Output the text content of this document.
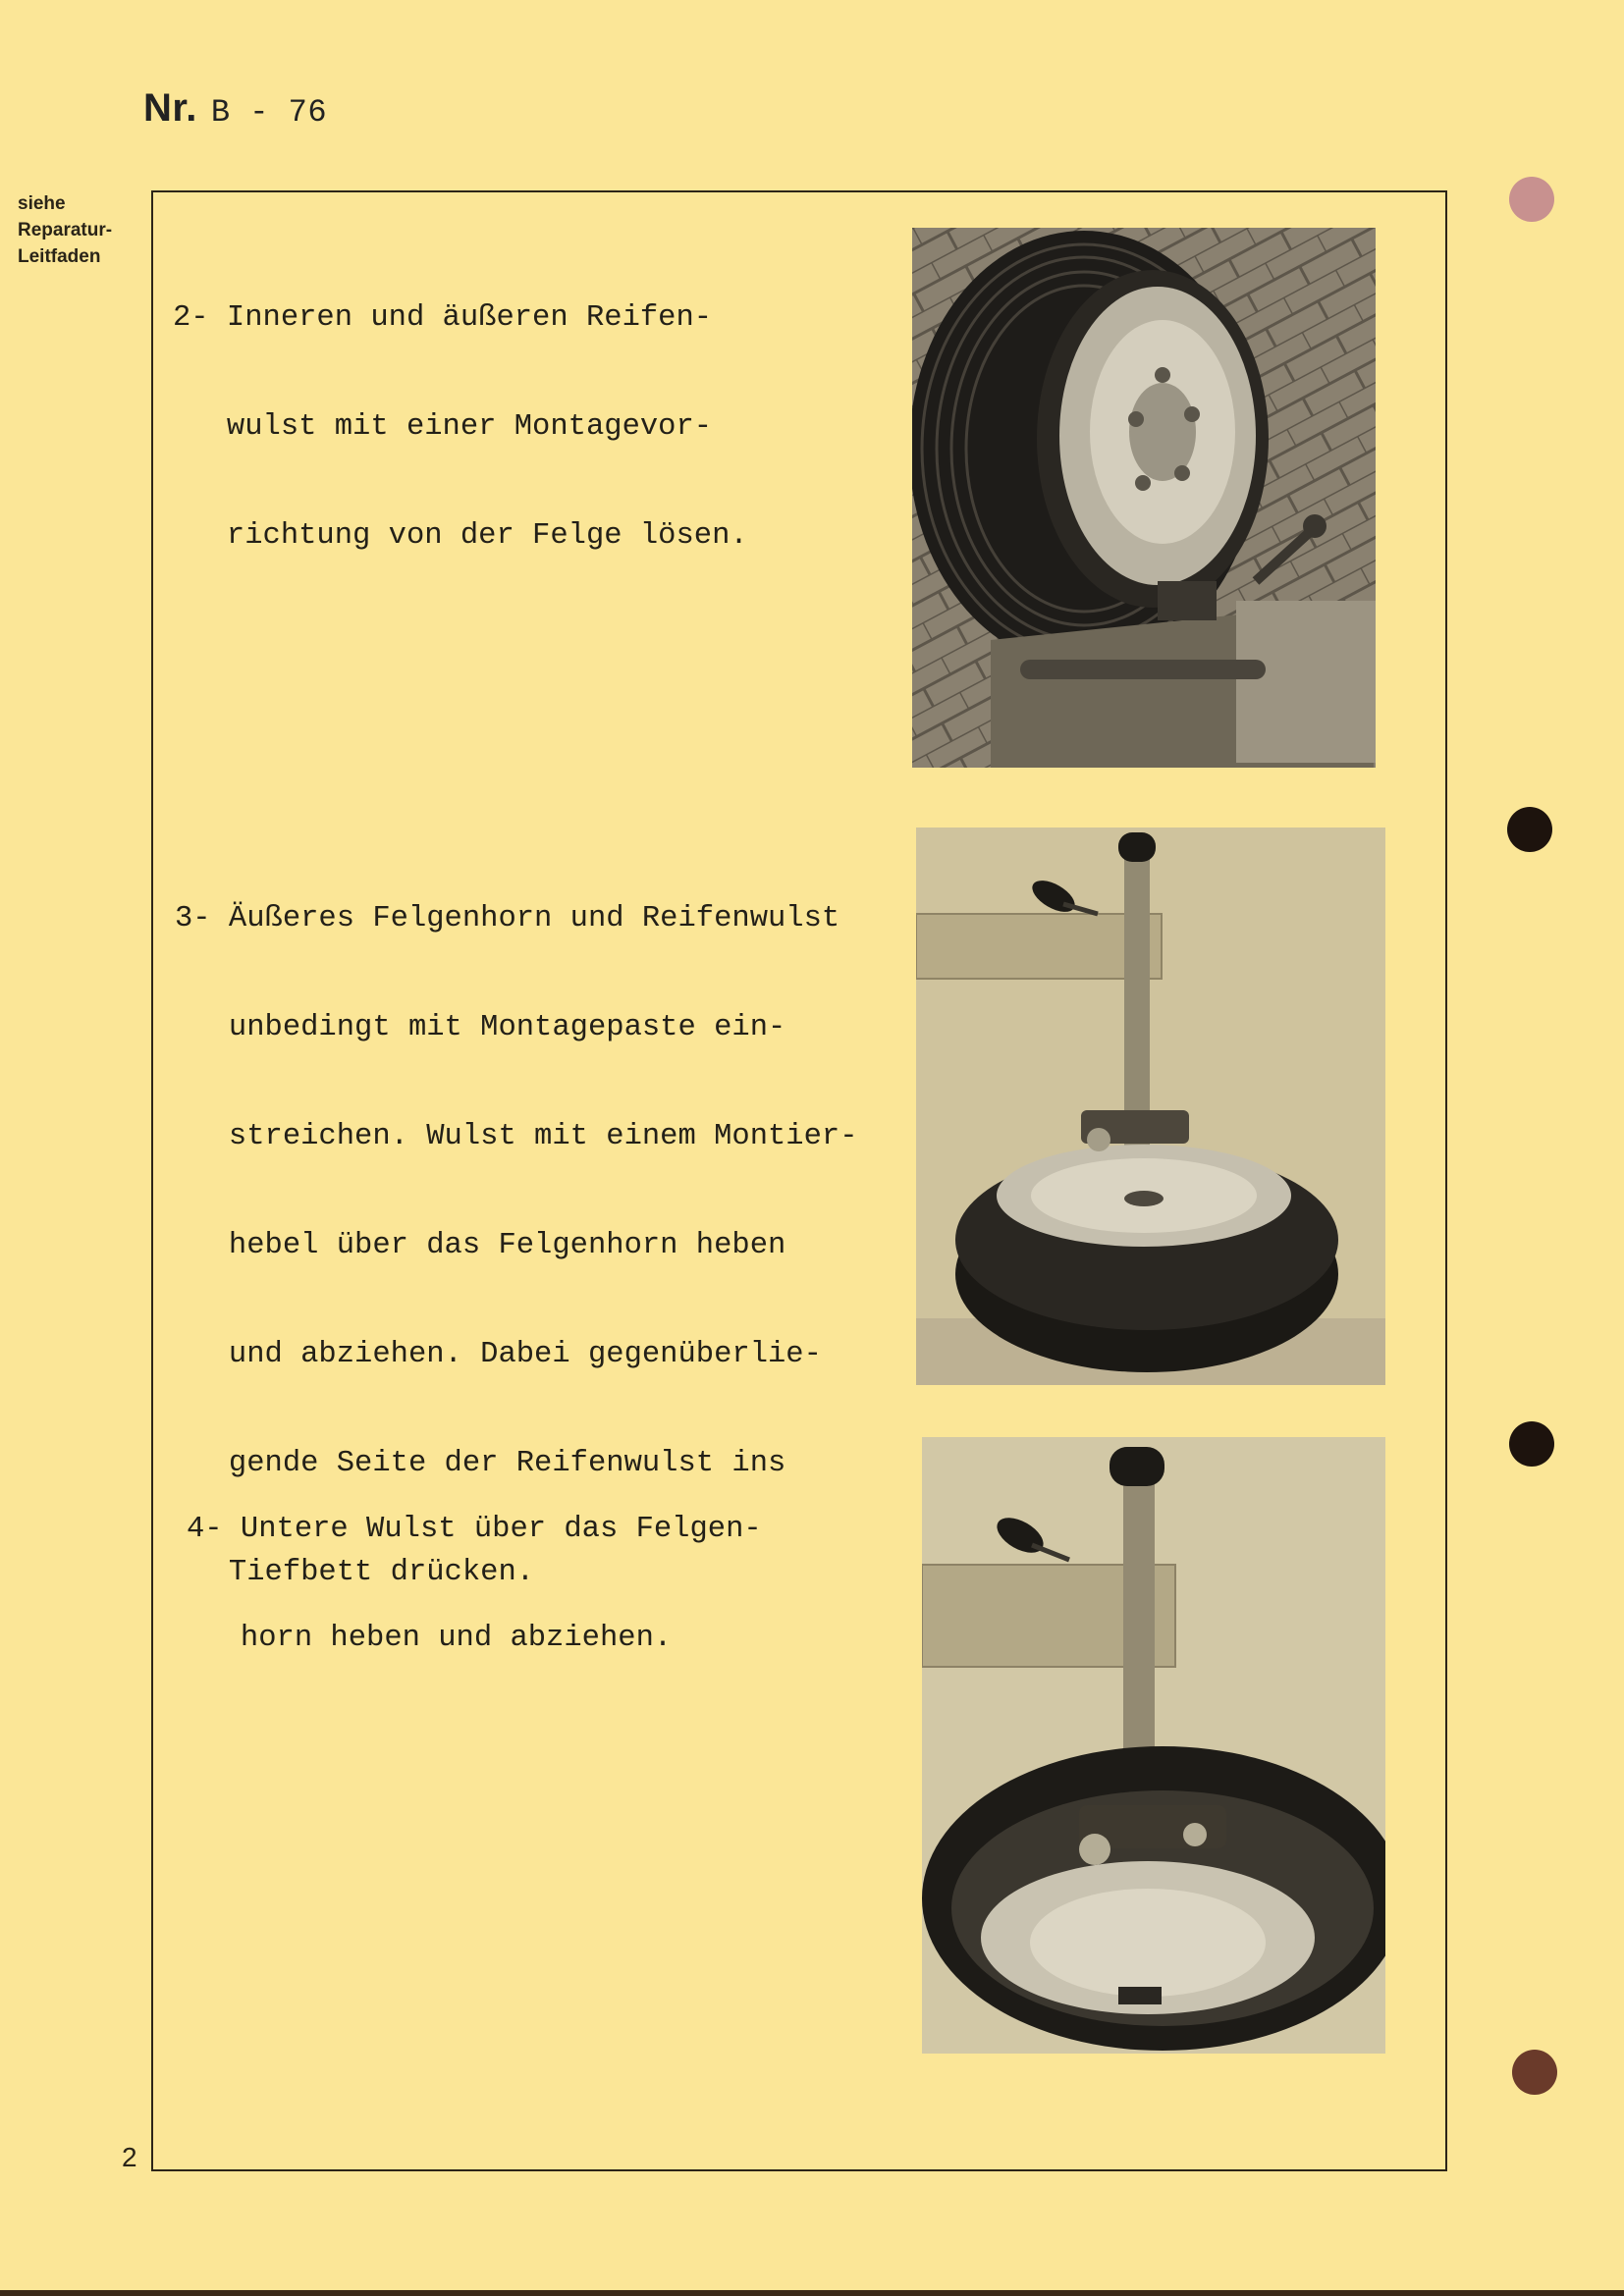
Nr. B - 76
siehe
Reparatur-
Leitfaden

2- Inneren und äußeren Reifen-

wulst mit einer Montagevor-

richtung von der Felge lösen.

3- Äußeres Felgenhorn und Reifenwulst

unbedingt mit Montagepaste ein-

streichen. Wulst mit einem Montier-

hebel über das Felgenhorn heben

und abziehen. Dabei gegenüberlie-

gende Seite der Reifenwulst ins

Tiefbett drücken.

4- Untere Wulst über das Felgen-

horn heben und abziehen.

2
